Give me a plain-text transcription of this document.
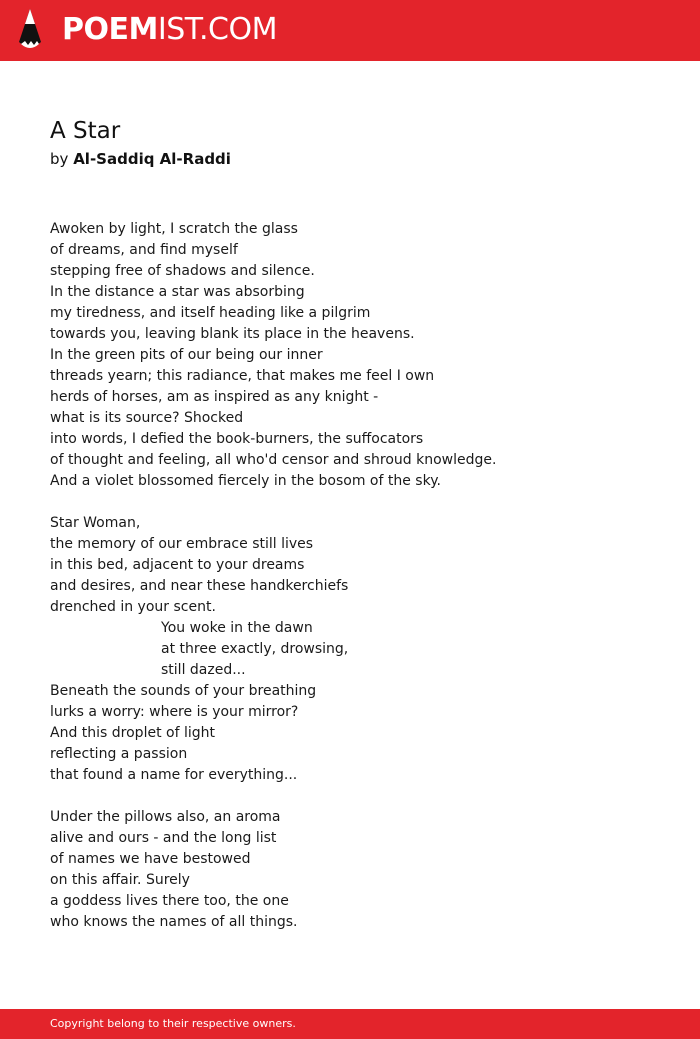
POEMIST.COM
A Star
by Al-Saddiq Al-Raddi
Awoken by light, I scratch the glass
of dreams, and find myself
stepping free of shadows and silence.
In the distance a star was absorbing
my tiredness, and itself heading like a pilgrim
towards you, leaving blank its place in the heavens.
In the green pits of our being our inner
threads yearn; this radiance, that makes me feel I own
herds of horses, am as inspired as any knight -
what is its source? Shocked
into words, I defied the book-burners, the suffocators
of thought and feeling, all who'd censor and shroud knowledge.
And a violet blossomed fiercely in the bosom of the sky.
Star Woman,
the memory of our embrace still lives
in this bed, adjacent to your dreams
and desires, and near these handkerchiefs
drenched in your scent.
You woke in the dawn
at three exactly, drowsing,
still dazed...
Beneath the sounds of your breathing
lurks a worry: where is your mirror?
And this droplet of light
reflecting a passion
that found a name for everything...
Under the pillows also, an aroma
alive and ours - and the long list
of names we have bestowed
on this affair. Surely
a goddess lives there too, the one
who knows the names of all things.
Copyright belong to their respective owners.
